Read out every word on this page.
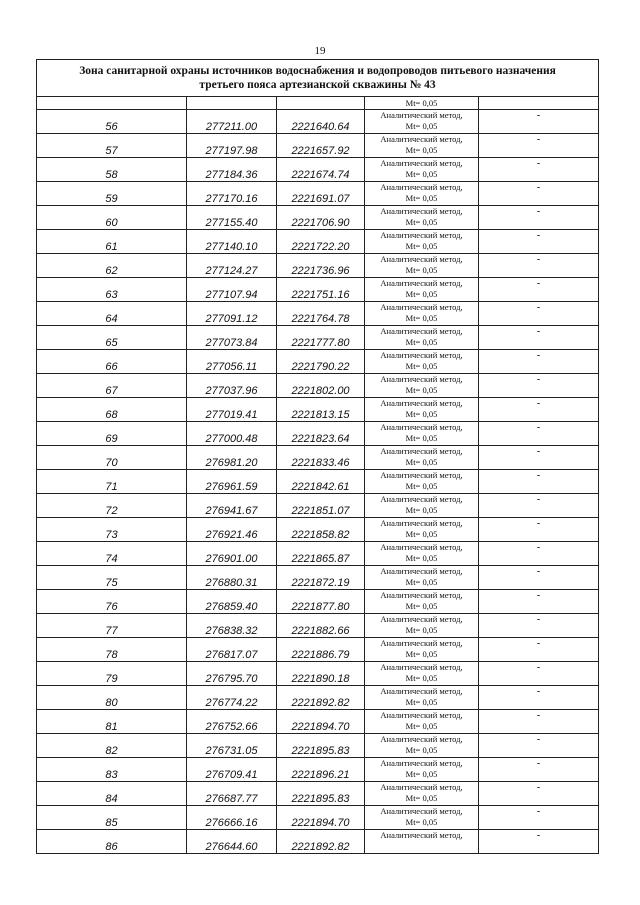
19
Зона санитарной охраны источников водоснабжения и водопроводов питьевого назначения
третьего пояса артезианской скважины № 43				

			Mt= 0,05	
56	277211.00	2221640.64	Аналитический метод,
Mt= 0,05	-
57	277197.98	2221657.92	Аналитический метод,
Mt= 0,05	-
58	277184.36	2221674.74	Аналитический метод,
Mt= 0,05	-
59	277170.16	2221691.07	Аналитический метод,
Mt= 0,05	-
60	277155.40	2221706.90	Аналитический метод,
Mt= 0,05	-
61	277140.10	2221722.20	Аналитический метод,
Mt= 0,05	-
62	277124.27	2221736.96	Аналитический метод,
Mt= 0,05	-
63	277107.94	2221751.16	Аналитический метод,
Mt= 0,05	-
64	277091.12	2221764.78	Аналитический метод,
Mt= 0,05	-
65	277073.84	2221777.80	Аналитический метод,
Mt= 0,05	-
66	277056.11	2221790.22	Аналитический метод,
Mt= 0,05	-
67	277037.96	2221802.00	Аналитический метод,
Mt= 0,05	-
68	277019.41	2221813.15	Аналитический метод,
Mt= 0,05	-
69	277000.48	2221823.64	Аналитический метод,
Mt= 0,05	-
70	276981.20	2221833.46	Аналитический метод,
Mt= 0,05	-
71	276961.59	2221842.61	Аналитический метод,
Mt= 0,05	-
72	276941.67	2221851.07	Аналитический метод,
Mt= 0,05	-
73	276921.46	2221858.82	Аналитический метод,
Mt= 0,05	-
74	276901.00	2221865.87	Аналитический метод,
Mt= 0,05	-
75	276880.31	2221872.19	Аналитический метод,
Mt= 0,05	-
76	276859.40	2221877.80	Аналитический метод,
Mt= 0,05	-
77	276838.32	2221882.66	Аналитический метод,
Mt= 0,05	-
78	276817.07	2221886.79	Аналитический метод,
Mt= 0,05	-
79	276795.70	2221890.18	Аналитический метод,
Mt= 0,05	-
80	276774.22	2221892.82	Аналитический метод,
Mt= 0,05	-
81	276752.66	2221894.70	Аналитический метод,
Mt= 0,05	-
82	276731.05	2221895.83	Аналитический метод,
Mt= 0,05	-
83	276709.41	2221896.21	Аналитический метод,
Mt= 0,05	-
84	276687.77	2221895.83	Аналитический метод,
Mt= 0,05	-
85	276666.16	2221894.70	Аналитический метод,
Mt= 0,05	-
86	276644.60	2221892.82	Аналитический метод,	-
